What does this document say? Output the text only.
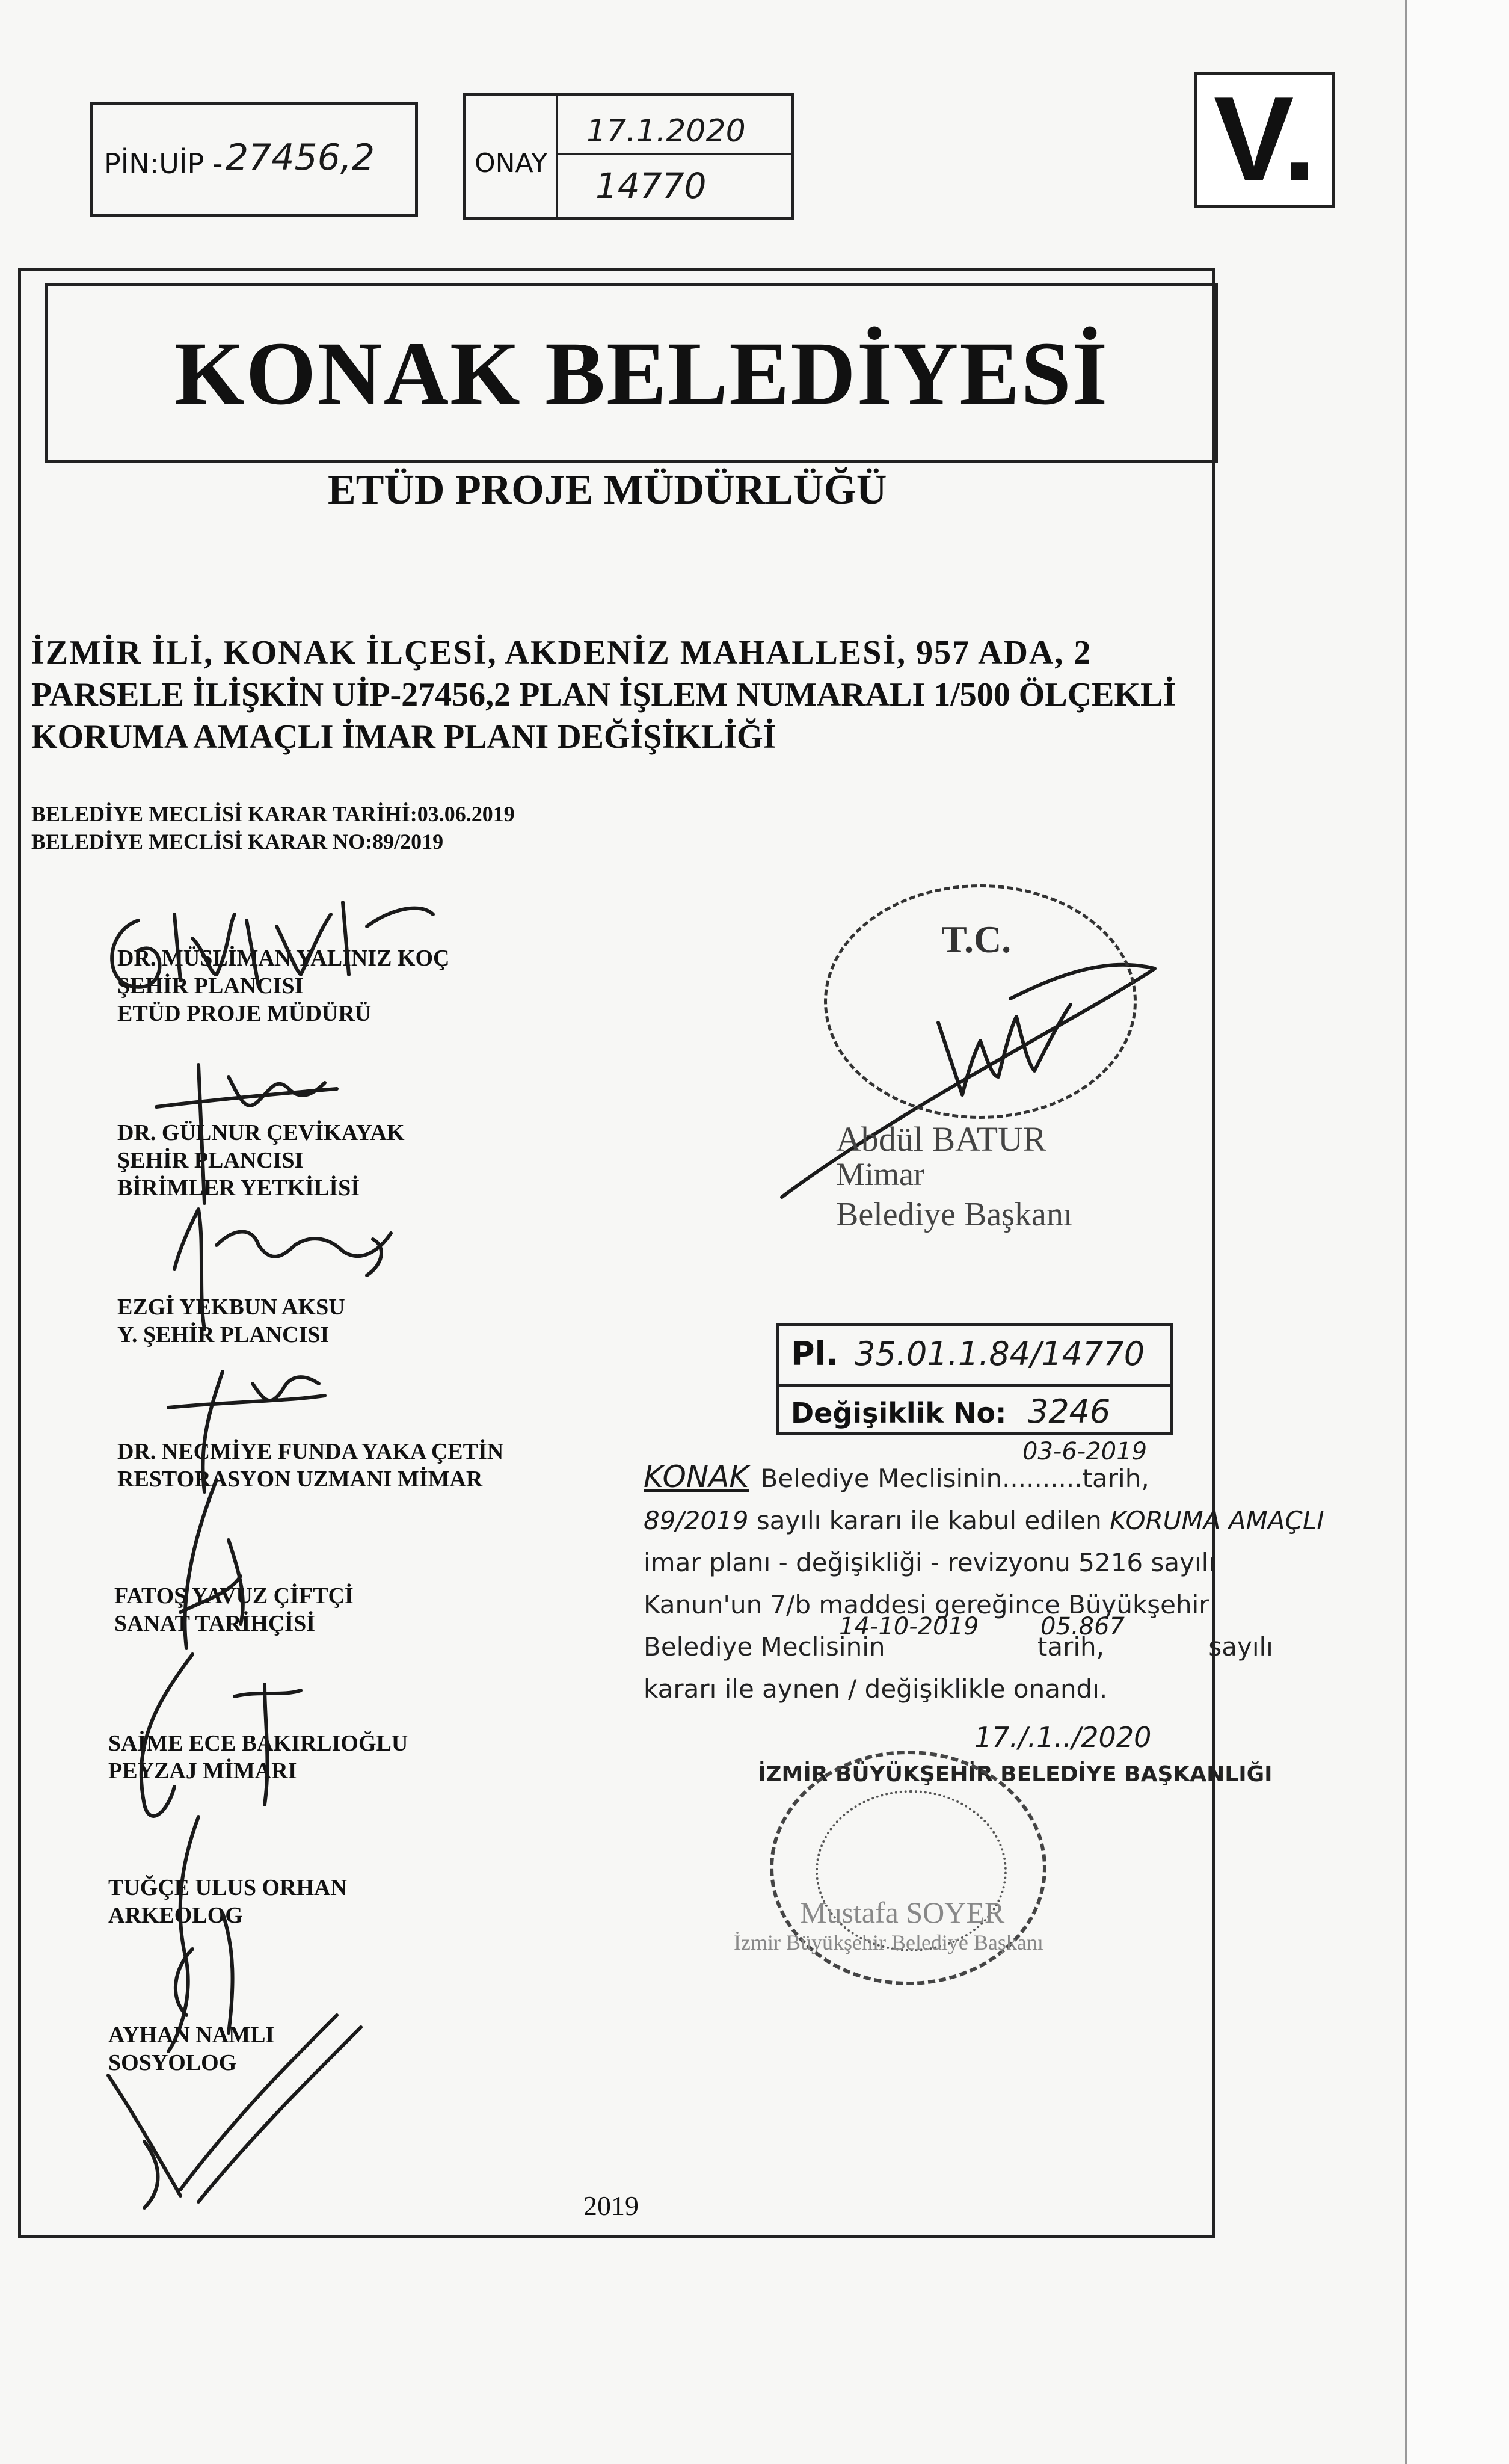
PİN:UİP - 27456,2	ONAY
17.1.2020
14770	V.
KONAK BELEDİYESİ
ETÜD PROJE MÜDÜRLÜĞÜ
İZMİR İLİ, KONAK İLÇESİ, AKDENİZ MAHALLESİ, 957 ADA, 2
PARSELE İLİŞKİN UİP-27456,2 PLAN İŞLEM NUMARALI 1/500 ÖLÇEKLİ
KORUMA AMAÇLI İMAR PLANI DEĞİŞİKLİĞİ
BELEDİYE MECLİSİ KARAR TARİHİ:03.06.2019
BELEDİYE MECLİSİ KARAR NO:89/2019
DR. MÜSLİMAN YALINIZ KOÇ
ŞEHİR PLANCISI
ETÜD PROJE MÜDÜRÜ
DR. GÜLNUR ÇEVİKAYAK
ŞEHİR PLANCISI
BİRİMLER YETKİLİSİ
EZGİ YEKBUN AKSU
Y. ŞEHİR PLANCISI
DR. NECMİYE FUNDA YAKA ÇETİN
RESTORASYON UZMANI MİMAR
FATOŞ YAVUZ ÇİFTÇİ
SANAT TARİHÇİSİ
SAİME ECE BAKIRLIOĞLU
PEYZAJ MİMARI
TUĞÇE ULUS ORHAN
ARKEOLOG
AYHAN NAMLI
SOSYOLOG
T.C.
Abdül BATUR
Mimar
Belediye Başkanı
Pl. 35.01.1.84/14770
Değişiklik No: 3246
KONAK Belediye Meclisinin..........tarih,
03-6-2019
89/2019 sayılı kararı ile kabul edilen KORUMA AMAÇLI
imar planı - değişikliği - revizyonu 5216 sayılı
Kanun'un 7/b maddesi gereğince Büyükşehir
Belediye Meclisinin
14-10-2019
tarih,
05.867
sayılı
kararı ile aynen / değişiklikle onandı.
17./.1../2020
İZMİR BÜYÜKŞEHİR BELEDİYE BAŞKANLIĞI
Mustafa SOYER
İzmir Büyükşehir Belediye Başkanı
2019
